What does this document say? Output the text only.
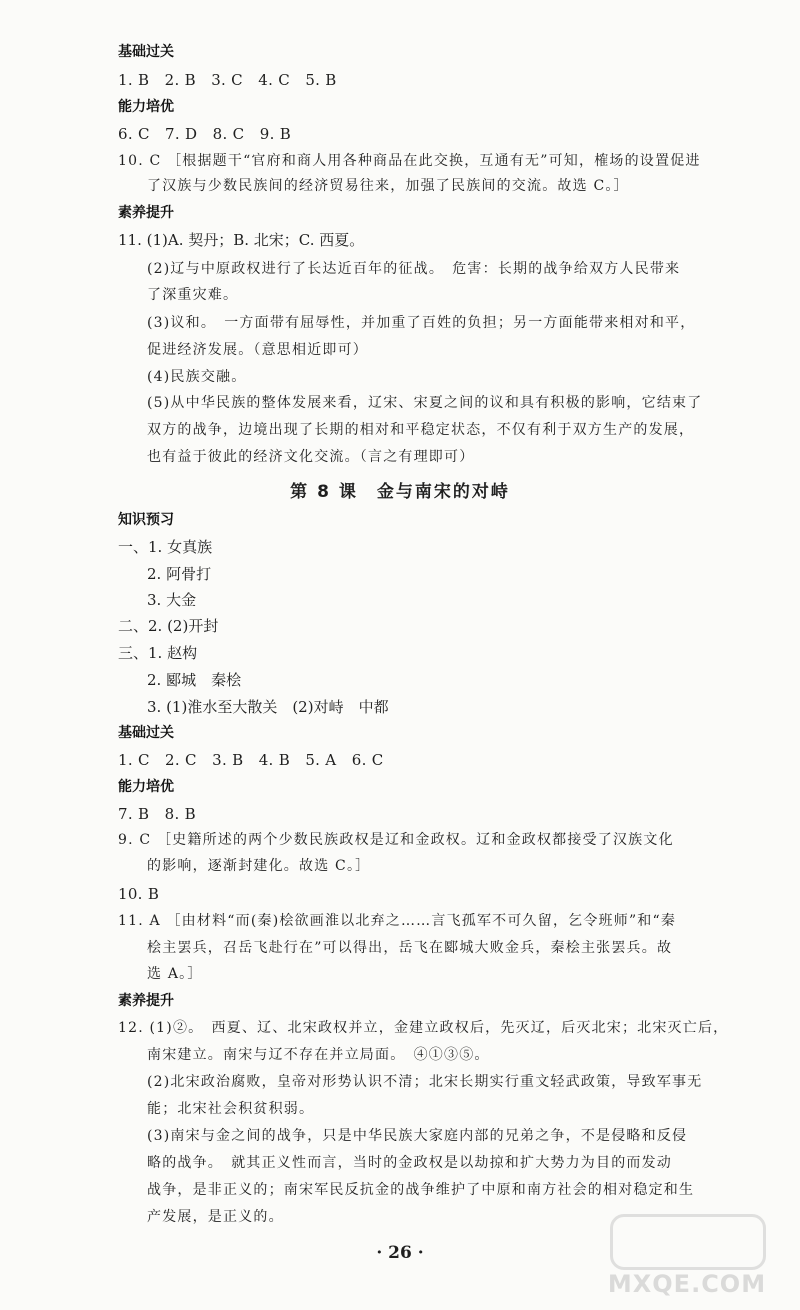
基础过关
1. B　2. B　3. C　4. C　5. B
能力培优
6. C　7. D　8. C　9. B
10. C ［根据题干“官府和商人用各种商品在此交换，互通有无”可知，榷场的设置促进
了汉族与少数民族间的经济贸易往来，加强了民族间的交流。故选 C。］
素养提升
11. (1)A. 契丹；B. 北宋；C. 西夏。
(2)辽与中原政权进行了长达近百年的征战。　危害：长期的战争给双方人民带来
了深重灾难。
(3)议和。　一方面带有屈辱性，并加重了百姓的负担；另一方面能带来相对和平，
促进经济发展。（意思相近即可）
(4)民族交融。
(5)从中华民族的整体发展来看，辽宋、宋夏之间的议和具有积极的影响，它结束了
双方的战争，边境出现了长期的相对和平稳定状态，不仅有利于双方生产的发展，
也有益于彼此的经济文化交流。（言之有理即可）
第 8 课　金与南宋的对峙
知识预习
一、1. 女真族
2. 阿骨打
3. 大金
二、2. (2)开封
三、1. 赵构
2. 郾城　秦桧
3. (1)淮水至大散关　(2)对峙　中都
基础过关
1. C　2. C　3. B　4. B　5. A　6. C
能力培优
7. B　8. B
9. C ［史籍所述的两个少数民族政权是辽和金政权。辽和金政权都接受了汉族文化
的影响，逐渐封建化。故选 C。］
10. B
11. A ［由材料“而(秦)桧欲画淮以北弃之……言飞孤军不可久留，乞令班师”和“秦
桧主罢兵，召岳飞赴行在”可以得出，岳飞在郾城大败金兵，秦桧主张罢兵。故
选 A。］
素养提升
12. (1)②。　西夏、辽、北宋政权并立，金建立政权后，先灭辽，后灭北宋；北宋灭亡后，
南宋建立。南宋与辽不存在并立局面。　④①③⑤。
(2)北宋政治腐败，皇帝对形势认识不清；北宋长期实行重文轻武政策，导致军事无
能；北宋社会积贫积弱。
(3)南宋与金之间的战争，只是中华民族大家庭内部的兄弟之争，不是侵略和反侵
略的战争。　就其正义性而言，当时的金政权是以劫掠和扩大势力为目的而发动
战争，是非正义的；南宋军民反抗金的战争维护了中原和南方社会的相对稳定和生
产发展，是正义的。
· 26 ·
MXQE.COM
